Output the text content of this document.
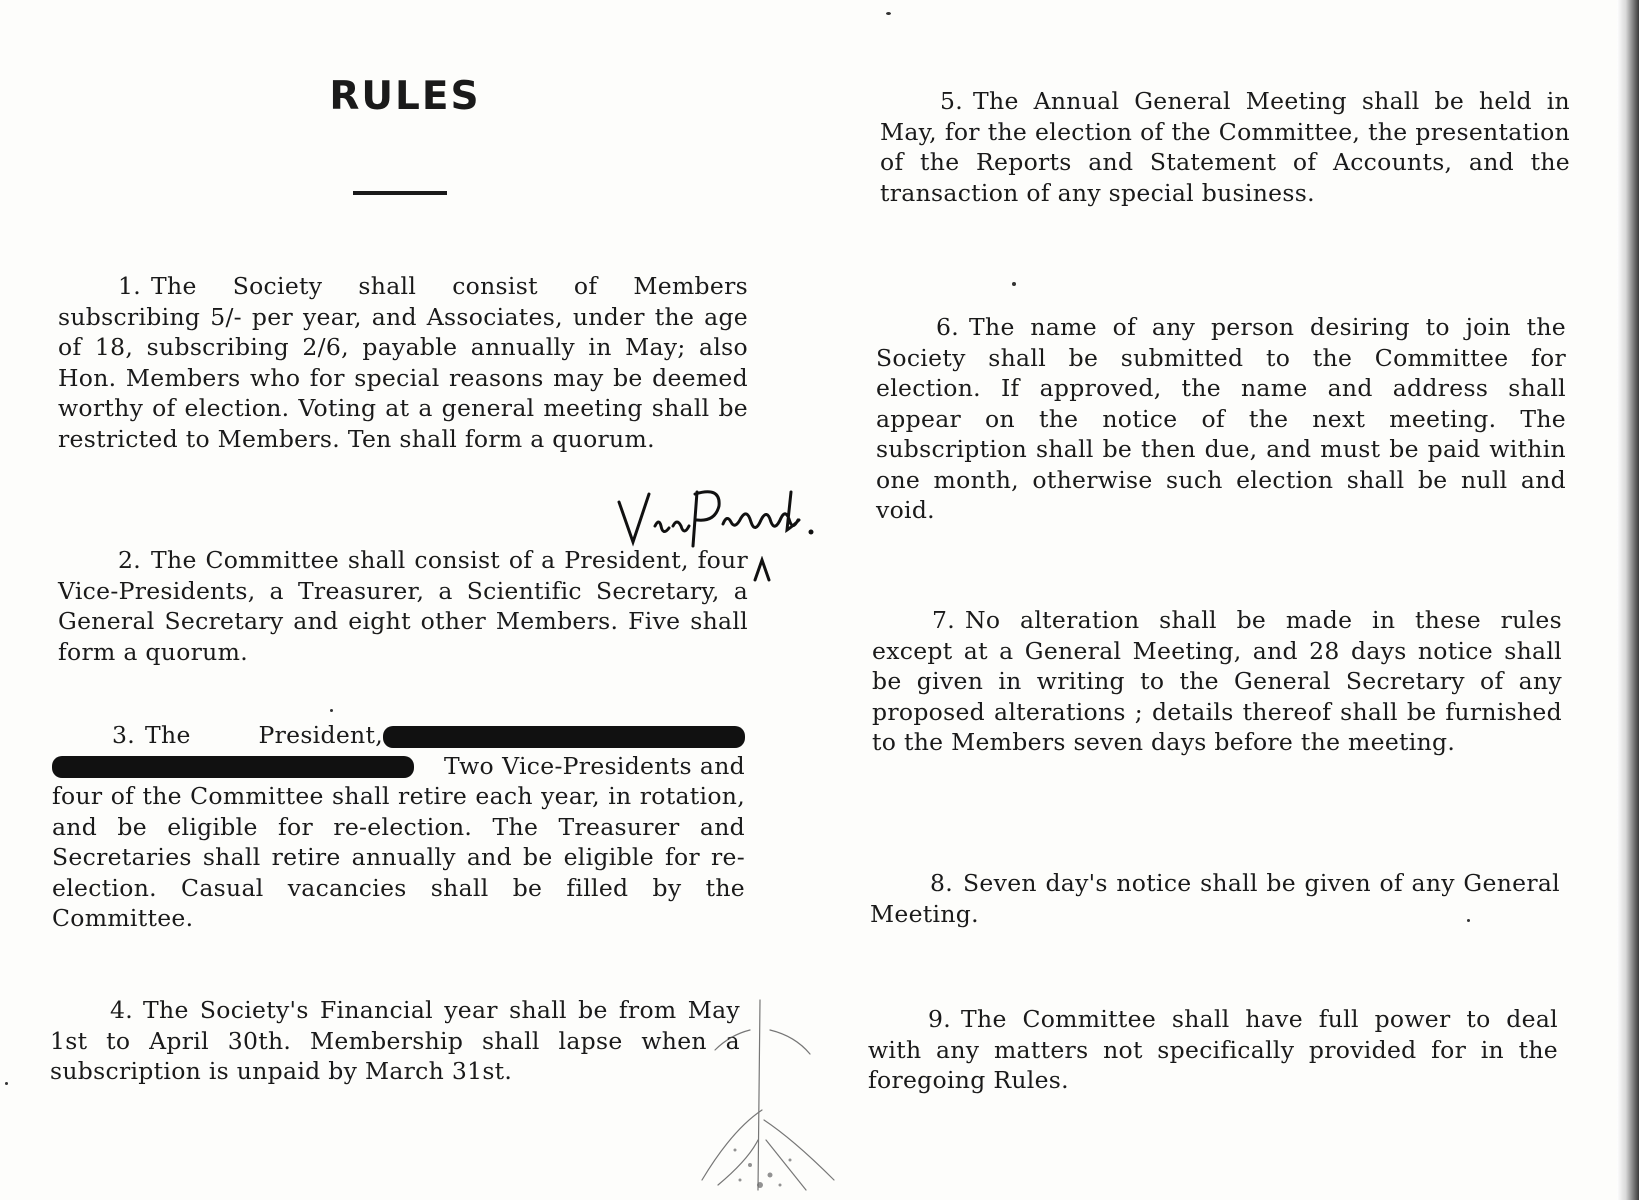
RULES

1. The Society shall consist of Members subscribing 5/- per year, and Associates, under the age of 18, subscribing 2/6, payable annually in May; also Hon. Members who for special reasons may be deemed worthy of election. Voting at a general meeting shall be restricted to Members. Ten shall form a quorum.

2. The Committee shall consist of a President, four Vice-Presidents, a Treasurer, a Scientific Secretary, a General Secretary and eight other Members. Five shall form a quorum.

3. The President,Two Vice-Presidents and four of the Committee shall retire each year, in rotation, and be eligible for re-election. The Treasurer and Secretaries shall retire annually and be eligible for re-election. Casual vacancies shall be filled by the Committee.

4. The Society's Financial year shall be from May 1st to April 30th. Membership shall lapse when a subscription is unpaid by March 31st.

5. The Annual General Meeting shall be held in May, for the election of the Committee, the presentation of the Reports and Statement of Accounts, and the transaction of any special business.

6. The name of any person desiring to join the Society shall be submitted to the Committee for election. If approved, the name and address shall appear on the notice of the next meeting. The subscription shall be then due, and must be paid within one month, otherwise such election shall be null and void.

7. No alteration shall be made in these rules except at a General Meeting, and 28 days notice shall be given in writing to the General Secretary of any proposed alterations ; details thereof shall be furnished to the Members seven days before the meeting.

8. Seven day's notice shall be given of any General Meeting.

9. The Committee shall have full power to deal with any matters not specifically provided for in the foregoing Rules.
